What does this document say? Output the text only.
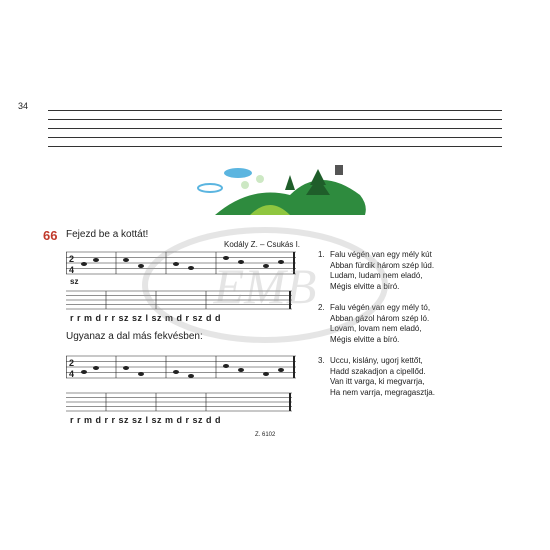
34
66 Fejezd be a kottát!
Kodály Z. – Csukás I.
2
4
sz
r r m d r r sz sz l sz m d r sz d d
Ugyanaz a dal más fekvésben:
2
4
r r m d r r sz sz l sz m d r sz d d
1. Falu végén van egy mély kút
Abban fürdik három szép lúd.
Ludam, ludam nem eladó,
Mégis elvitte a bíró.
2. Falu végén van egy mély tó,
Abban gázol három szép ló.
Lovam, lovam nem eladó,
Mégis elvitte a bíró.
3. Uccu, kislány, ugorj kettőt,
Hadd szakadjon a cipellőd.
Van itt varga, ki megvarrja,
Ha nem varrja, megragasztja.
Z. 6102
EMB
